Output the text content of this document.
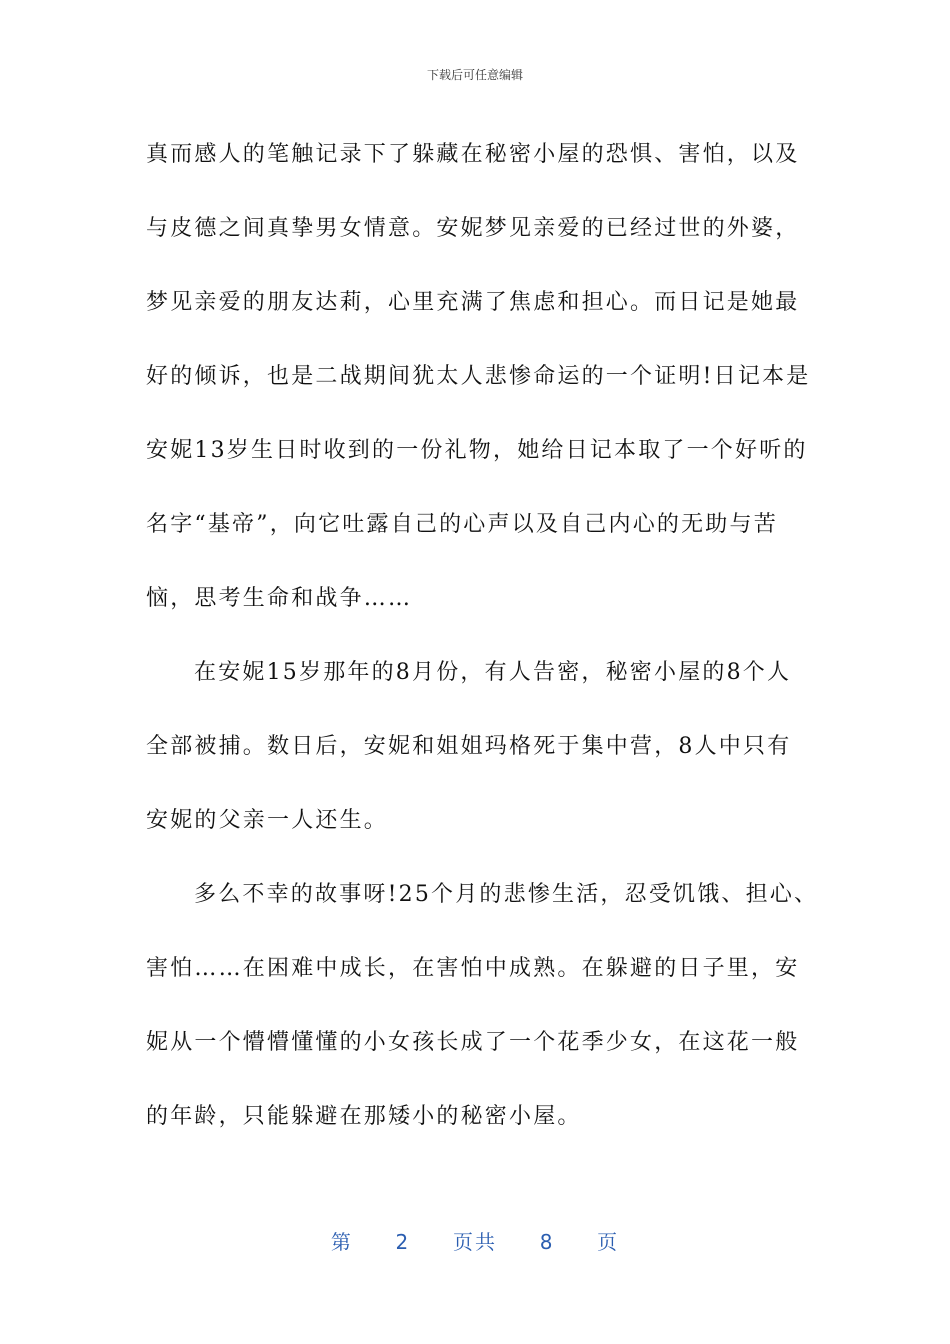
下载后可任意编辑
真而感人的笔触记录下了躲藏在秘密小屋的恐惧、害怕，以及
与皮德之间真挚男女情意。安妮梦见亲爱的已经过世的外婆，
梦见亲爱的朋友达莉，心里充满了焦虑和担心。而日记是她最
好的倾诉，也是二战期间犹太人悲惨命运的一个证明!日记本是
安妮13岁生日时收到的一份礼物，她给日记本取了一个好听的
名字“基帝”，向它吐露自己的心声以及自己内心的无助与苦
恼，思考生命和战争……
在安妮15岁那年的8月份，有人告密，秘密小屋的8个人
全部被捕。数日后，安妮和姐姐玛格死于集中营，8人中只有
安妮的父亲一人还生。
多么不幸的故事呀!25个月的悲惨生活，忍受饥饿、担心、
害怕……在困难中成长，在害怕中成熟。在躲避的日子里，安
妮从一个懵懵懂懂的小女孩长成了一个花季少女，在这花一般
的年龄，只能躲避在那矮小的秘密小屋。
第 2 页共 8 页
